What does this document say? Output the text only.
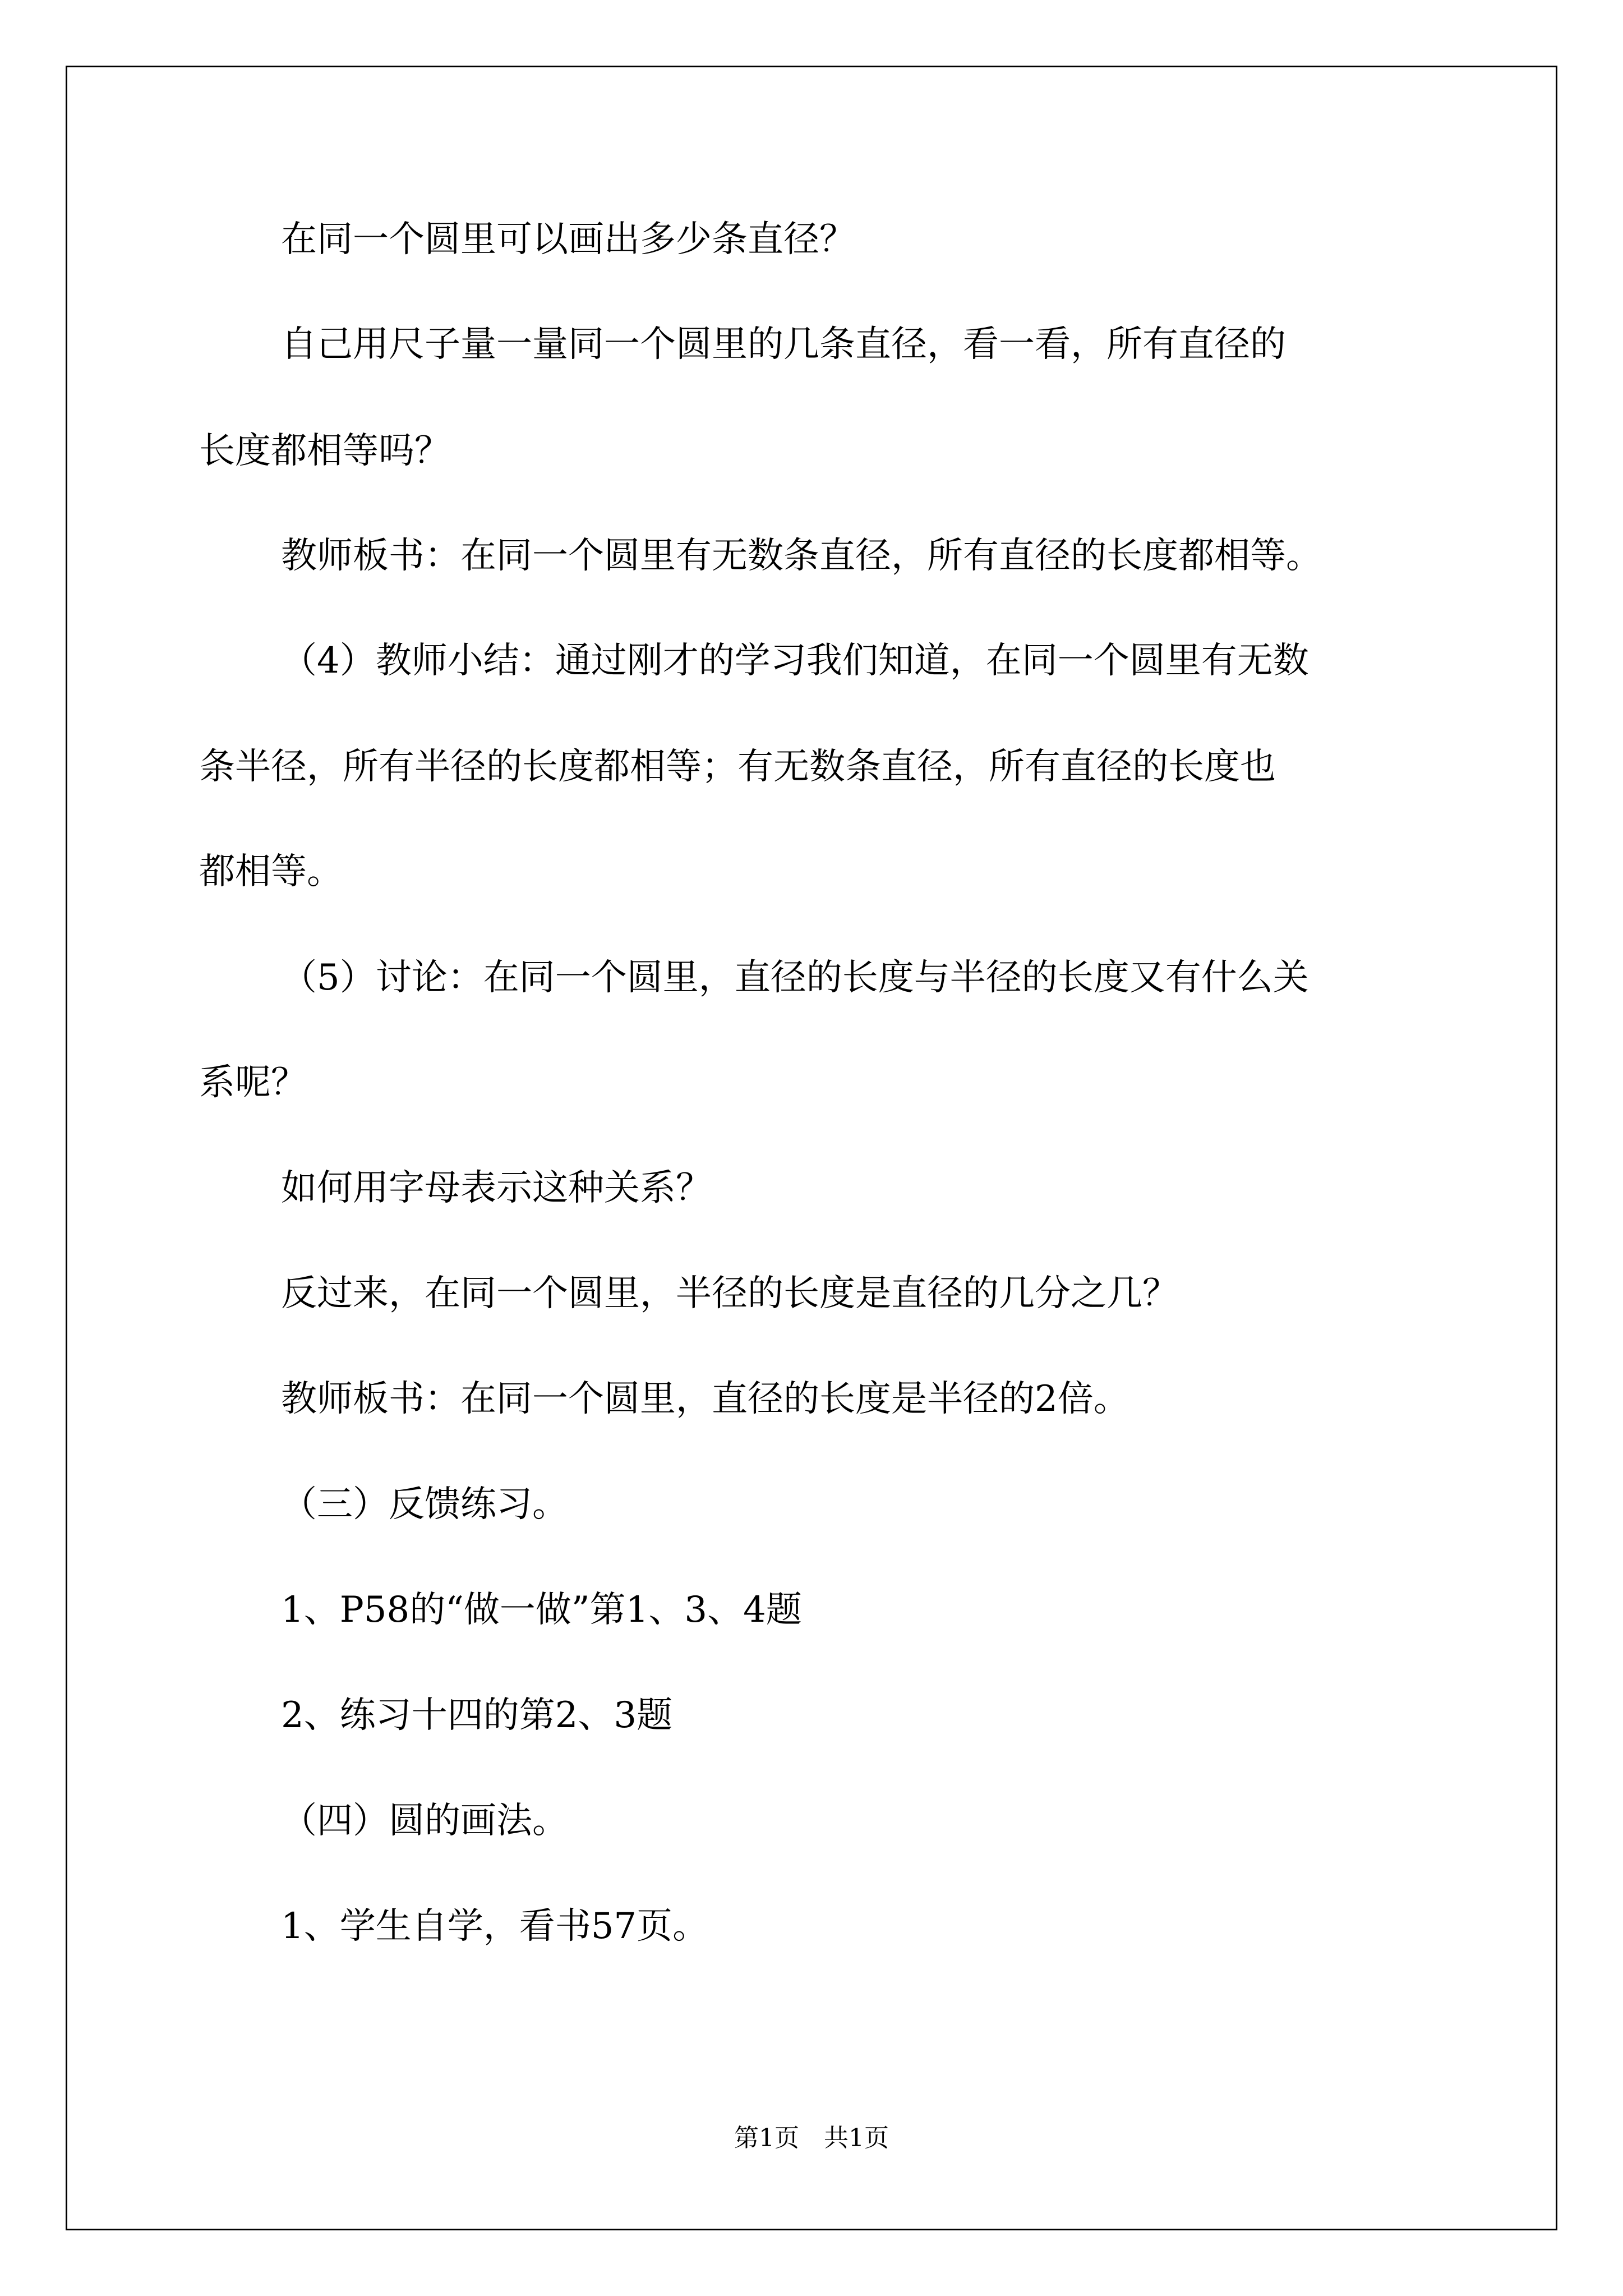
在同一个圆里可以画出多少条直径？

自己用尺子量一量同一个圆里的几条直径，看一看，所有直径的

长度都相等吗？

教师板书：在同一个圆里有无数条直径，所有直径的长度都相等。

（4）教师小结：通过刚才的学习我们知道，在同一个圆里有无数

条半径，所有半径的长度都相等；有无数条直径，所有直径的长度也

都相等。

（5）讨论：在同一个圆里，直径的长度与半径的长度又有什么关

系呢？

如何用字母表示这种关系？

反过来，在同一个圆里，半径的长度是直径的几分之几？

教师板书：在同一个圆里，直径的长度是半径的2倍。

（三）反馈练习。

1、P58的“做一做”第1、3、4题

2、练习十四的第2、3题

（四）圆的画法。

1、学生自学，看书57页。

第1页　共1页
